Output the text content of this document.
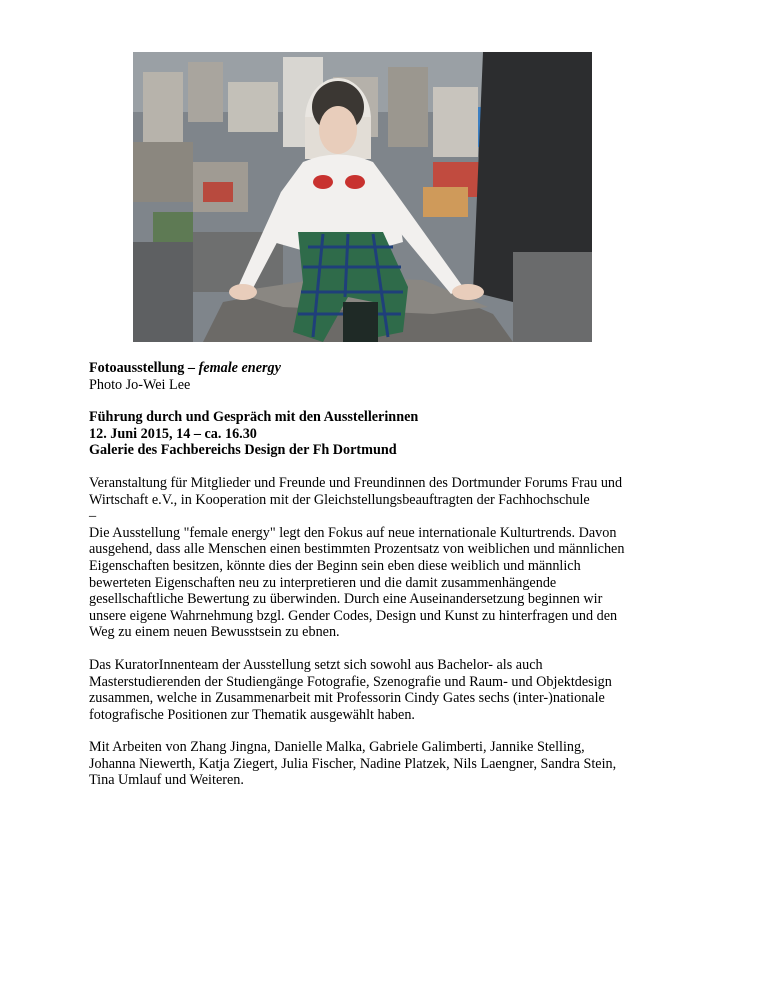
Fotoausstellung – female energy
Photo Jo-Wei Lee

Führung durch und Gespräch mit den Ausstellerinnen
12. Juni 2015, 14 – ca. 16.30
Galerie des Fachbereichs Design der Fh Dortmund

Veranstaltung für Mitglieder und Freunde und Freundinnen des Dortmunder Forums Frau und
Wirtschaft e.V., in Kooperation mit der Gleichstellungsbeauftragten der Fachhochschule
–
Die Ausstellung "female energy" legt den Fokus auf neue internationale Kulturtrends. Davon
ausgehend, dass alle Menschen einen bestimmten Prozentsatz von weiblichen und männlichen
Eigenschaften besitzen, könnte dies der Beginn sein eben diese weiblich und männlich
bewerteten Eigenschaften neu zu interpretieren und die damit zusammenhängende
gesellschaftliche Bewertung zu überwinden. Durch eine Auseinandersetzung beginnen wir
unsere eigene Wahrnehmung bzgl. Gender Codes, Design und Kunst zu hinterfragen und den
Weg zu einem neuen Bewusstsein zu ebnen.

Das KuratorInnenteam der Ausstellung setzt sich sowohl aus Bachelor- als auch
Masterstudierenden der Studiengänge Fotografie, Szenografie und Raum- und Objektdesign
zusammen, welche in Zusammenarbeit mit Professorin Cindy Gates sechs (inter-)nationale
fotografische Positionen zur Thematik ausgewählt haben.

Mit Arbeiten von Zhang Jingna, Danielle Malka, Gabriele Galimberti, Jannike Stelling,
Johanna Niewerth, Katja Ziegert, Julia Fischer, Nadine Platzek, Nils Laengner, Sandra Stein,
Tina Umlauf und Weiteren.
